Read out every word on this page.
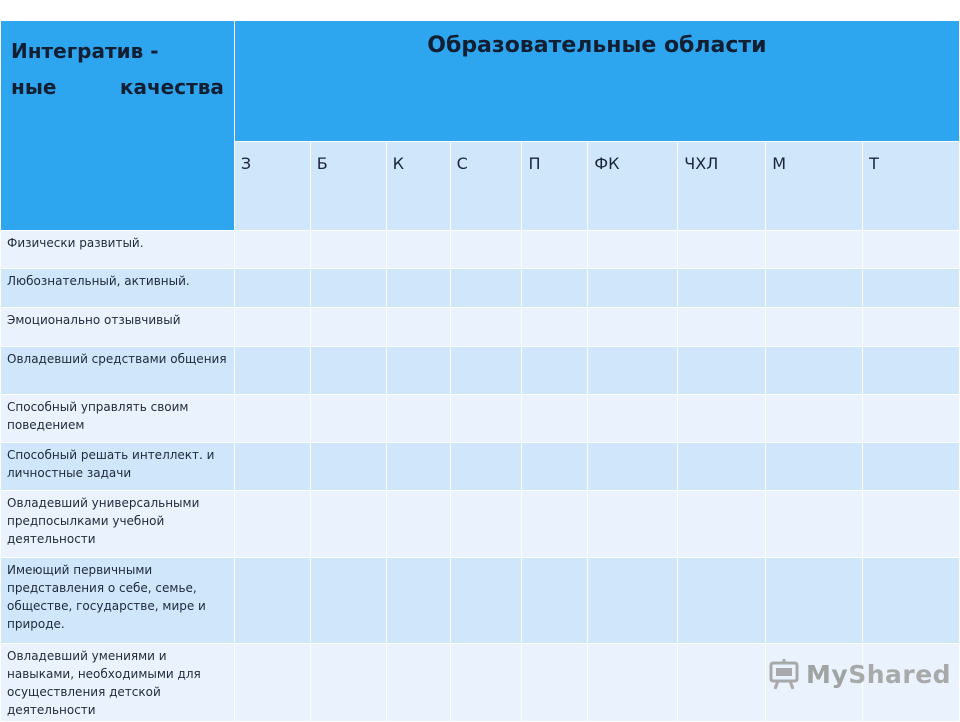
Интегратив -
ные качества	Образовательные области								
	З	Б	К	С	П	ФК	ЧХЛ	М	Т
Физически развитый.									
Любознательный, активный.									
Эмоционально отзывчивый									
Овладевший средствами общения									
Способный управлять своим поведением									
Способный решать интеллект. и личностные задачи									
Овладевший универсальными предпосылками учебной деятельности									
Имеющий первичными представления о себе, семье, обществе, государстве, мире и природе.									
Овладевший умениями и навыками, необходимыми для осуществления детской деятельности									
MyShared
